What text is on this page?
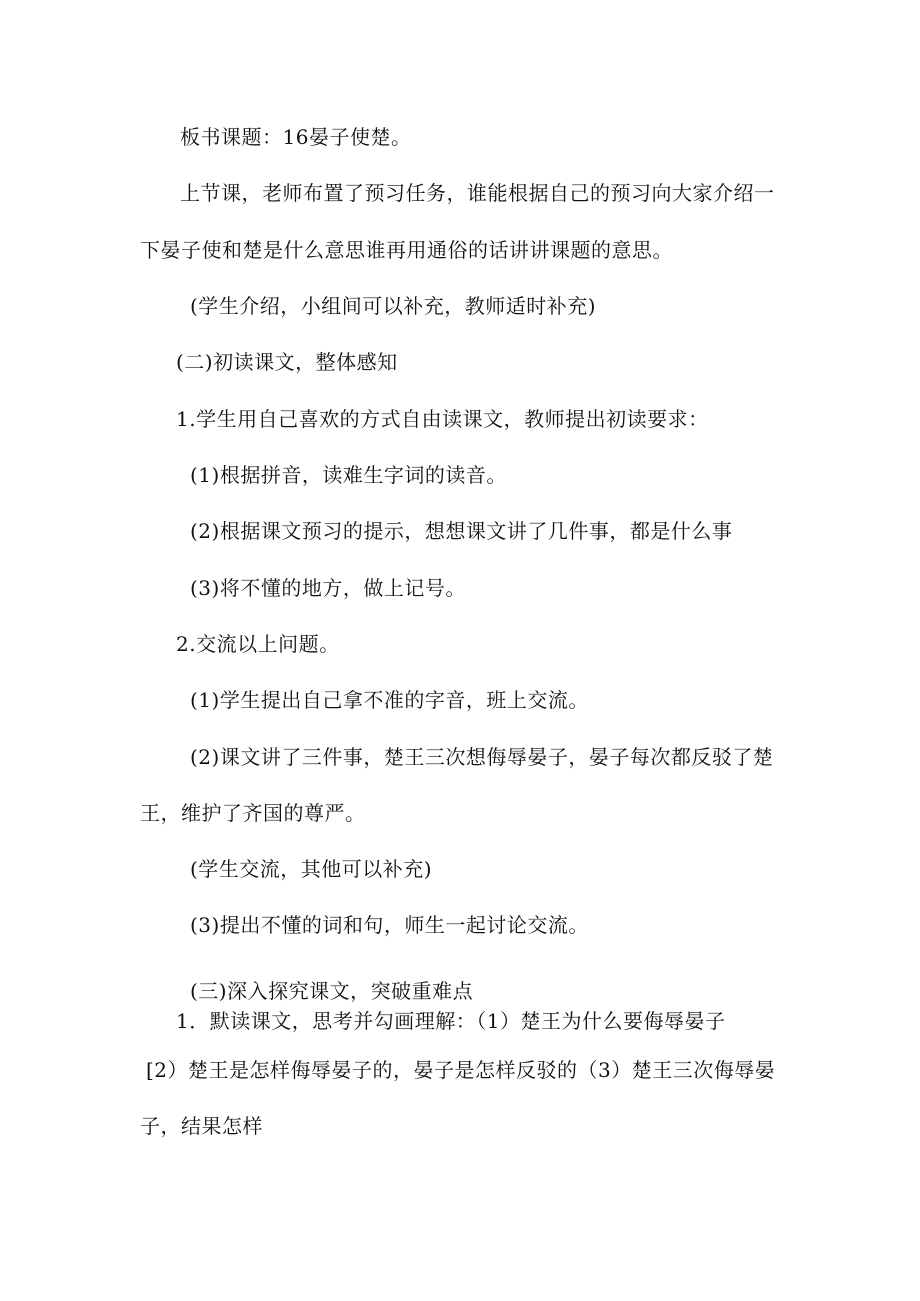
板书课题：16晏子使楚。
上节课，老师布置了预习任务，谁能根据自己的预习向大家介绍一
下晏子使和楚是什么意思谁再用通俗的话讲讲课题的意思。
(学生介绍，小组间可以补充，教师适时补充)
(二)初读课文，整体感知
1.学生用自己喜欢的方式自由读课文，教师提出初读要求：
(1)根据拼音，读难生字词的读音。
(2)根据课文预习的提示，想想课文讲了几件事，都是什么事
(3)将不懂的地方，做上记号。
2.交流以上问题。
(1)学生提出自己拿不准的字音，班上交流。
(2)课文讲了三件事，楚王三次想侮辱晏子，晏子每次都反驳了楚
王，维护了齐国的尊严。
(学生交流，其他可以补充)
(3)提出不懂的词和句，师生一起讨论交流。
(三)深入探究课文，突破重难点
1．默读课文，思考并勾画理解：（1）楚王为什么要侮辱晏子
[2）楚王是怎样侮辱晏子的，晏子是怎样反驳的（3）楚王三次侮辱晏
子，结果怎样
